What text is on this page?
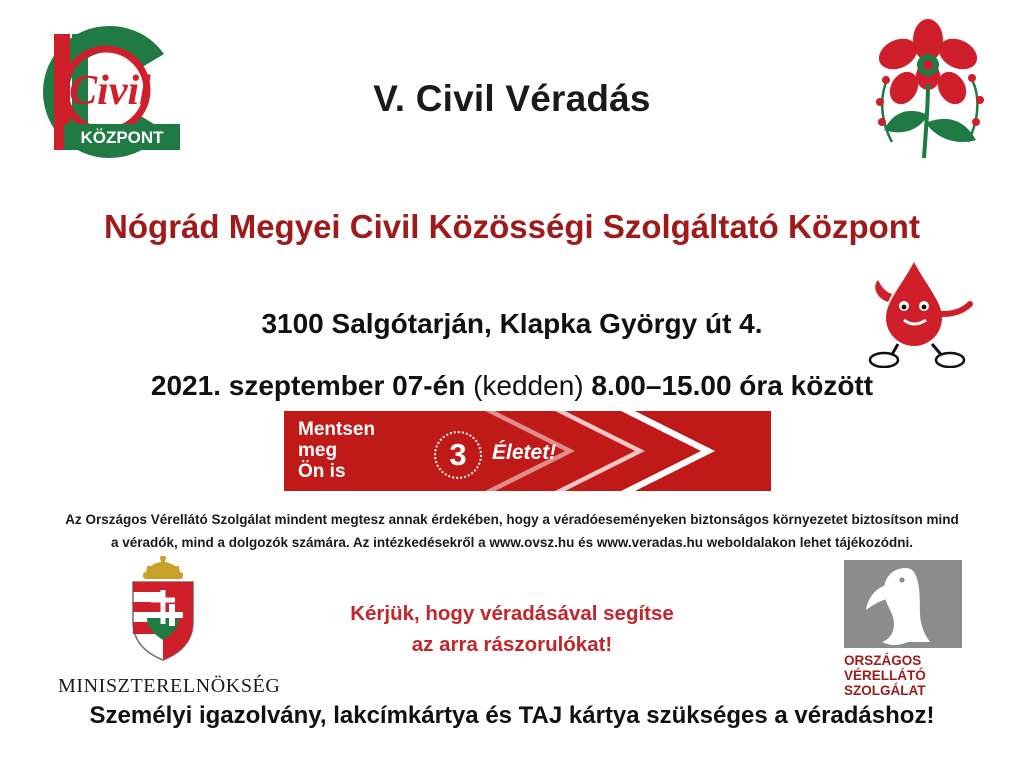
Civil
KÖZPONT
V. Civil Véradás
Nógrád Megyei Civil Közösségi Szolgáltató Központ
3100 Salgótarján, Klapka György út 4.
2021. szeptember 07-én (kedden) 8.00–15.00 óra között
Mentsen
meg
Ön is	3	Életet!
Az Országos Vérellátó Szolgálat mindent megtesz annak érdekében, hogy a véradóeseményeken biztonságos környezetet biztosítson mind
a véradók, mind a dolgozók számára. Az intézkedésekről a www.ovsz.hu és www.veradas.hu weboldalakon lehet tájékozódni.
MINISZTERELNÖKSÉG
ORSZÁGOS
VÉRELLÁTÓ
SZOLGÁLAT
Kérjük, hogy véradásával segítse
az arra rászorulókat!
Személyi igazolvány, lakcímkártya és TAJ kártya szükséges a véradáshoz!
